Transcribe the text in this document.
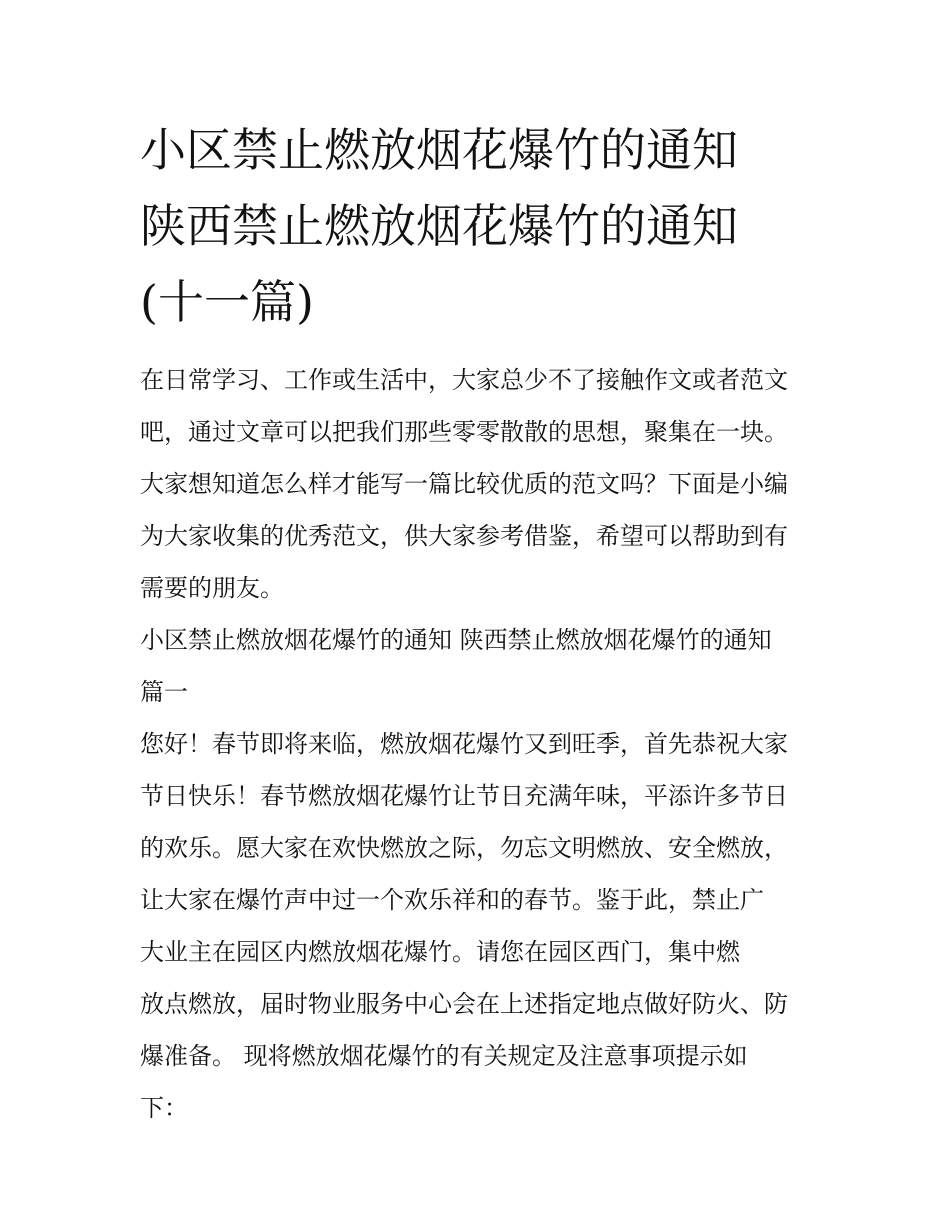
小区禁止燃放烟花爆竹的通知
陕西禁止燃放烟花爆竹的通知
(十一篇)

在日常学习、工作或生活中，大家总少不了接触作文或者范文
吧，通过文章可以把我们那些零零散散的思想，聚集在一块。
大家想知道怎么样才能写一篇比较优质的范文吗？下面是小编
为大家收集的优秀范文，供大家参考借鉴，希望可以帮助到有
需要的朋友。

小区禁止燃放烟花爆竹的通知 陕西禁止燃放烟花爆竹的通知
篇一

您好！春节即将来临，燃放烟花爆竹又到旺季，首先恭祝大家
节日快乐！春节燃放烟花爆竹让节日充满年味，平添许多节日
的欢乐。愿大家在欢快燃放之际，勿忘文明燃放、安全燃放，
让大家在爆竹声中过一个欢乐祥和的春节。鉴于此，禁止广
大业主在园区内燃放烟花爆竹。请您在园区西门，集中燃
放点燃放，届时物业服务中心会在上述指定地点做好防火、防
爆准备。 现将燃放烟花爆竹的有关规定及注意事项提示如
下：
